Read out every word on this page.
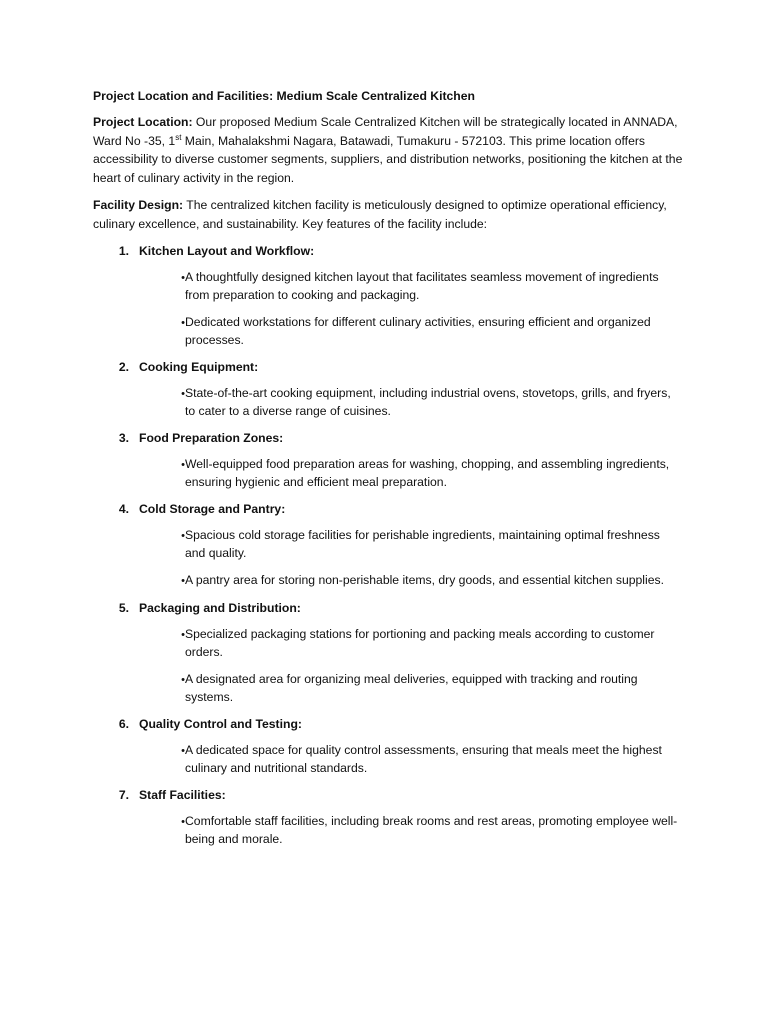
Project Location and Facilities: Medium Scale Centralized Kitchen

Project Location: Our proposed Medium Scale Centralized Kitchen will be strategically located in ANNADA, Ward No -35, 1st Main, Mahalakshmi Nagara, Batawadi, Tumakuru - 572103. This prime location offers accessibility to diverse customer segments, suppliers, and distribution networks, positioning the kitchen at the heart of culinary activity in the region.

Facility Design: The centralized kitchen facility is meticulously designed to optimize operational efficiency, culinary excellence, and sustainability. Key features of the facility include:

1. Kitchen Layout and Workflow:
• A thoughtfully designed kitchen layout that facilitates seamless movement of ingredients from preparation to cooking and packaging.
• Dedicated workstations for different culinary activities, ensuring efficient and organized processes.
2. Cooking Equipment:
• State-of-the-art cooking equipment, including industrial ovens, stovetops, grills, and fryers, to cater to a diverse range of cuisines.
3. Food Preparation Zones:
• Well-equipped food preparation areas for washing, chopping, and assembling ingredients, ensuring hygienic and efficient meal preparation.
4. Cold Storage and Pantry:
• Spacious cold storage facilities for perishable ingredients, maintaining optimal freshness and quality.
• A pantry area for storing non-perishable items, dry goods, and essential kitchen supplies.
5. Packaging and Distribution:
• Specialized packaging stations for portioning and packing meals according to customer orders.
• A designated area for organizing meal deliveries, equipped with tracking and routing systems.
6. Quality Control and Testing:
• A dedicated space for quality control assessments, ensuring that meals meet the highest culinary and nutritional standards.
7. Staff Facilities:
• Comfortable staff facilities, including break rooms and rest areas, promoting employee well-being and morale.
